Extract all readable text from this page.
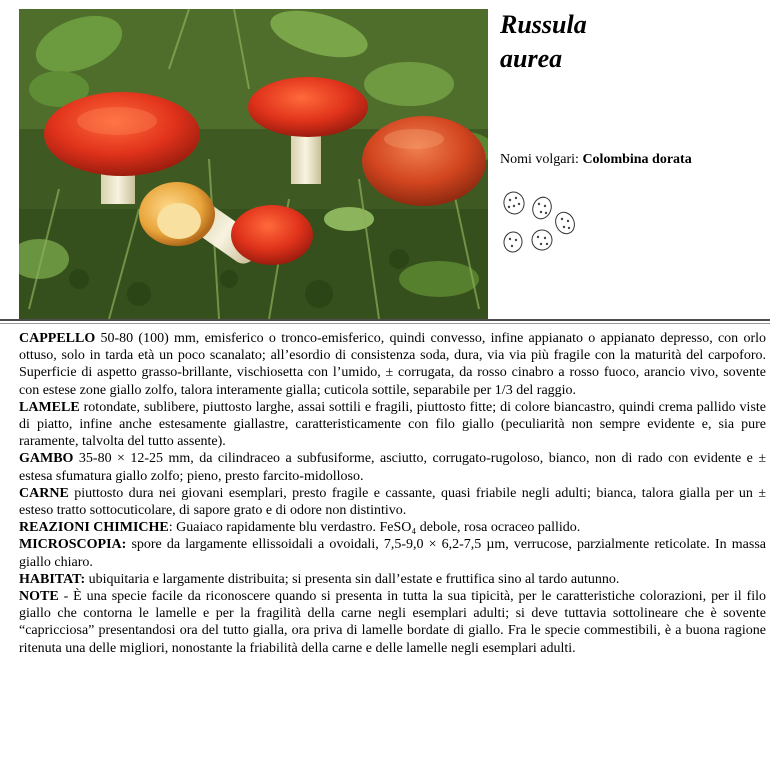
Russula
aurea
Nomi volgari: Colombina dorata

CAPPELLO 50-80 (100) mm, emisferico o tronco-emisferico, quindi convesso, infine appianato o appianato depresso, con orlo ottuso, solo in tarda età un poco scanalato; all’esordio di consistenza soda, dura, via via più fragile con la maturità del carpoforo. Superficie di aspetto grasso-brillante, vischiosetta con l’umido, ± corrugata, da rosso cinabro a rosso fuoco, arancio vivo, sovente con estese zone giallo zolfo, talora interamente gialla; cuticola sottile, separabile per 1/3 del raggio.

LAMELE rotondate, sublibere, piuttosto larghe, assai sottili e fragili, piuttosto fitte; di colore biancastro, quindi crema pallido viste di piatto, infine anche estesamente giallastre, caratteristicamente con filo giallo (peculiarità non sempre evidente e, sia pure raramente, talvolta del tutto assente).

GAMBO 35-80 × 12-25 mm, da cilindraceo a subfusiforme, asciutto, corrugato-rugoloso, bianco, non di rado con evidente e ± estesa sfumatura giallo zolfo; pieno, presto farcito-midolloso.

CARNE piuttosto dura nei giovani esemplari, presto fragile e cassante, quasi friabile negli adulti; bianca, talora gialla per un ± esteso tratto sottocuticolare, di sapore grato e di odore non distintivo.

REAZIONI CHIMICHE: Guaiaco rapidamente blu verdastro. FeSO₄ debole, rosa ocraceo pallido.

MICROSCOPIA: spore da largamente ellissoidali a ovoidali, 7,5-9,0 × 6,2-7,5 µm, verrucose, parzialmente reticolate. In massa giallo chiaro.

HABITAT: ubiquitaria e largamente distribuita; si presenta sin dall’estate e fruttifica sino al tardo autunno.

NOTE - È una specie facile da riconoscere quando si presenta in tutta la sua tipicità, per le caratteristiche colorazioni, per il filo giallo che contorna le lamelle e per la fragilità della carne negli esemplari adulti; si deve tuttavia sottolineare che è sovente “capricciosa” presentandosi ora del tutto gialla, ora priva di lamelle bordate di giallo. Fra le specie commestibili, è a buona ragione ritenuta una delle migliori, nonostante la friabilità della carne e delle lamelle negli esemplari adulti.
